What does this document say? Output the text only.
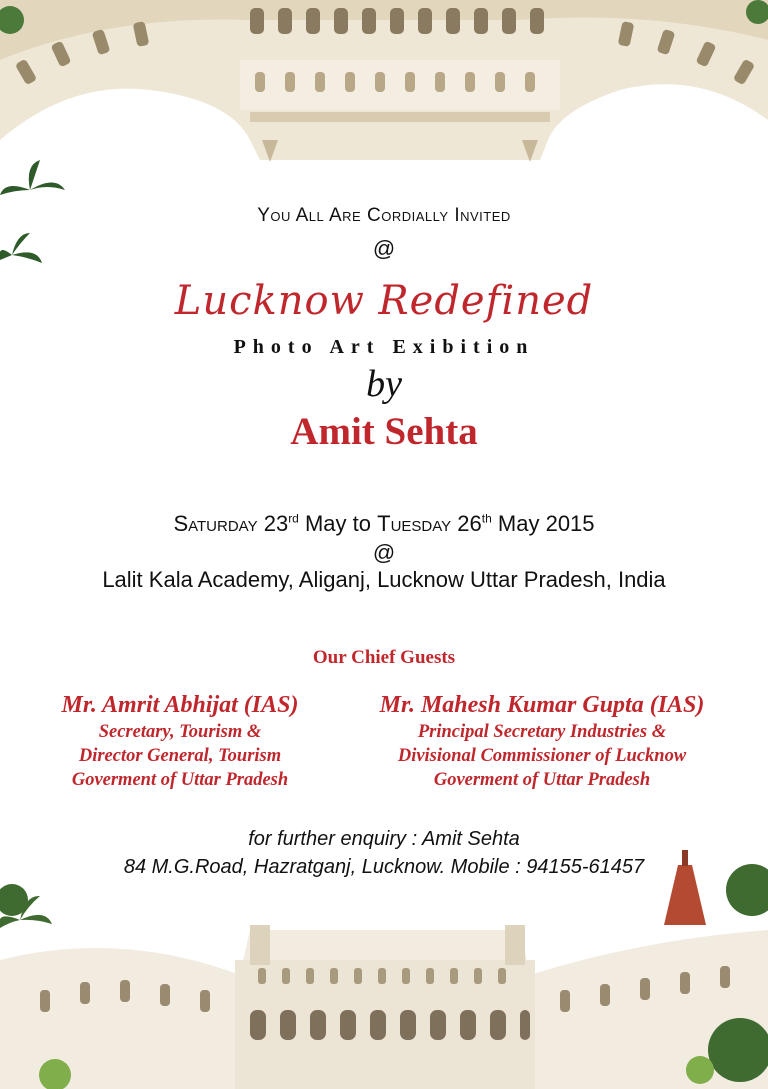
You All Are Cordially Invited
@
Lucknow Redefined
Photo Art Exibition
by
Amit Sehta
Saturday 23rd May to Tuesday 26th May 2015
@
Lalit Kala Academy, Aliganj, Lucknow Uttar Pradesh, India
Our Chief Guests
Mr. Amrit Abhijat (IAS)
Secretary, Tourism &
Director General, Tourism
Goverment of Uttar Pradesh
Mr. Mahesh Kumar Gupta (IAS)
Principal Secretary Industries &
Divisional Commissioner of Lucknow
Goverment of Uttar Pradesh
for further enquiry : Amit Sehta
84 M.G.Road, Hazratganj, Lucknow. Mobile : 94155-61457
